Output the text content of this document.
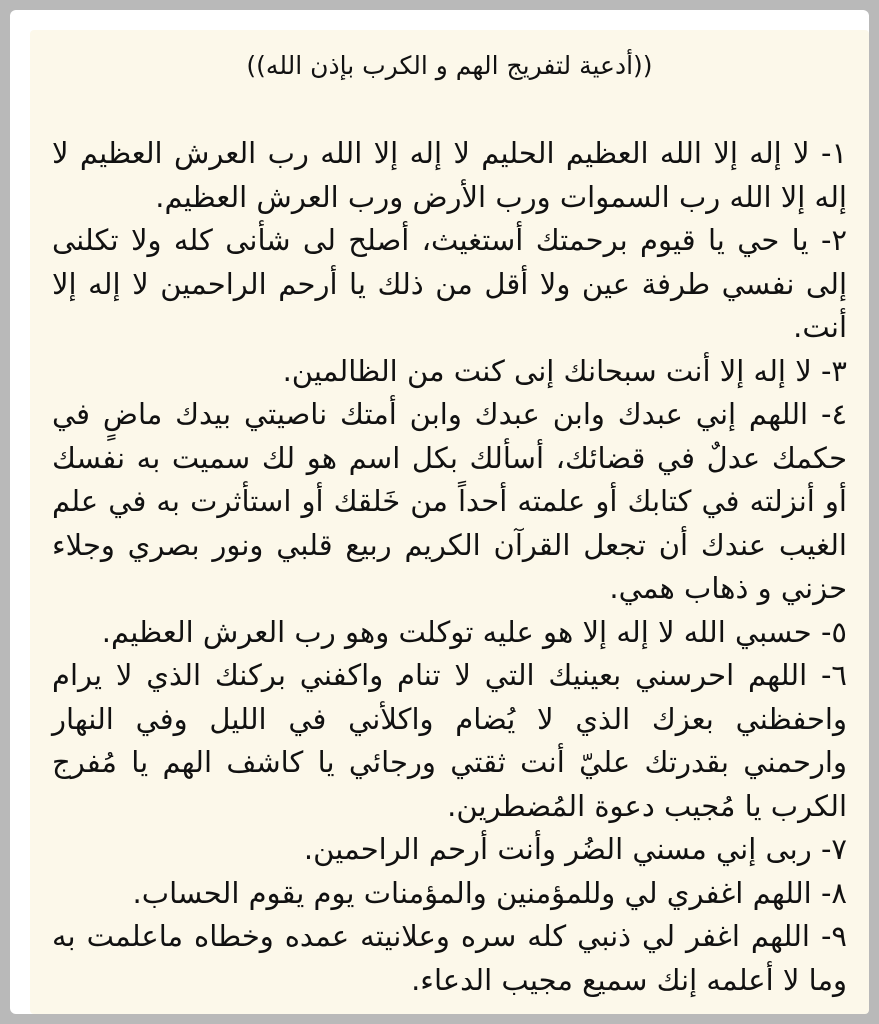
((أدعية لتفريج الهم و الكرب بإذن الله))
١- لا إله إلا الله العظيم الحليم لا إله إلا الله رب العرش العظيم لا إله إلا الله رب السموات ورب الأرض ورب العرش العظيم.
٢- يا حي يا قيوم برحمتك أستغيث، أصلح لى شأنى كله ولا تكلنى إلى نفسي طرفة عين ولا أقل من ذلك يا أرحم الراحمين لا إله إلا أنت.
٣- لا إله إلا أنت سبحانك إنى كنت من الظالمين.
٤- اللهم إني عبدك وابن عبدك وابن أمتك ناصيتي بيدك ماضٍ في حكمك عدلٌ في قضائك، أسألك بكل اسم هو لك سميت به نفسك أو أنزلته في كتابك أو علمته أحداً من خَلقك أو استأثرت به في علم الغيب عندك أن تجعل القرآن الكريم ربيع قلبي ونور بصري وجلاء حزني و ذهاب همي.
٥- حسبي الله لا إله إلا هو عليه توكلت وهو رب العرش العظيم.
٦- اللهم احرسني بعينيك التي لا تنام واكفني بركنك الذي لا يرام واحفظني بعزك الذي لا يُضام واكلأني في الليل وفي النهار وارحمني بقدرتك عليّ أنت ثقتي ورجائي يا كاشف الهم يا مُفرج الكرب يا مُجيب دعوة المُضطرين.
٧- ربى إني مسني الضُر وأنت أرحم الراحمين.
٨- اللهم اغفري لي وللمؤمنين والمؤمنات يوم يقوم الحساب.
٩- اللهم اغفر لي ذنبي كله سره وعلانيته عمده وخطاه ماعلمت به وما لا أعلمه إنك سميع مجيب الدعاء.
